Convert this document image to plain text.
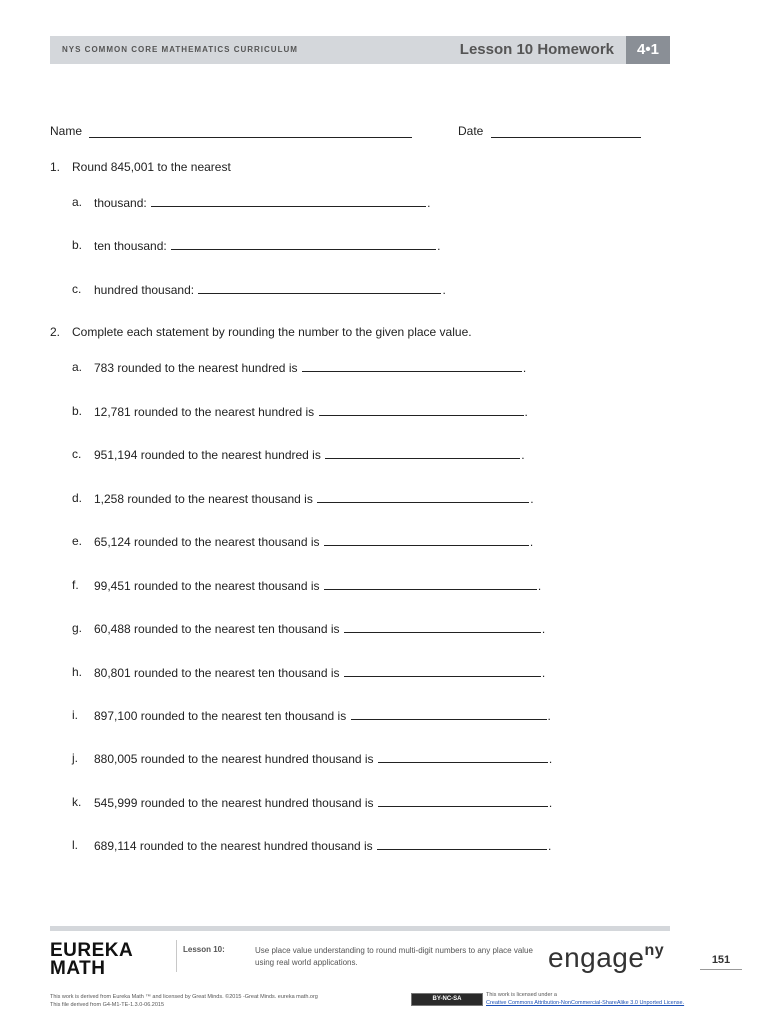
NYS COMMON CORE MATHEMATICS CURRICULUM	Lesson 10 Homework	4•1
Name	Date
1. Round 845,001 to the nearest
a. thousand:	.
b. ten thousand:	.
c. hundred thousand:	.
2. Complete each statement by rounding the number to the given place value.
a. 783 rounded to the nearest hundred is	.
b. 12,781 rounded to the nearest hundred is	.
c. 951,194 rounded to the nearest hundred is	.
d. 1,258 rounded to the nearest thousand is	.
e. 65,124 rounded to the nearest thousand is	.
f. 99,451 rounded to the nearest thousand is	.
g. 60,488 rounded to the nearest ten thousand is	.
h. 80,801 rounded to the nearest ten thousand is	.
i. 897,100 rounded to the nearest ten thousand is	.
j. 880,005 rounded to the nearest hundred thousand is	.
k. 545,999 rounded to the nearest hundred thousand is	.
l. 689,114 rounded to the nearest hundred thousand is	.
EUREKA
MATH
Lesson 10:	Use place value understanding to round multi-digit numbers to any place value using real world applications.	engage$^{ny}$
151
This work is derived from Eureka Math ™ and licensed by Great Minds. ©2015 -Great Minds. eureka math.org
This file derived from G4-M1-TE-1.3.0-06.2015
BY-NC-SA
This work is licensed under a
Creative Commons Attribution-NonCommercial-ShareAlike 3.0 Unported License.
